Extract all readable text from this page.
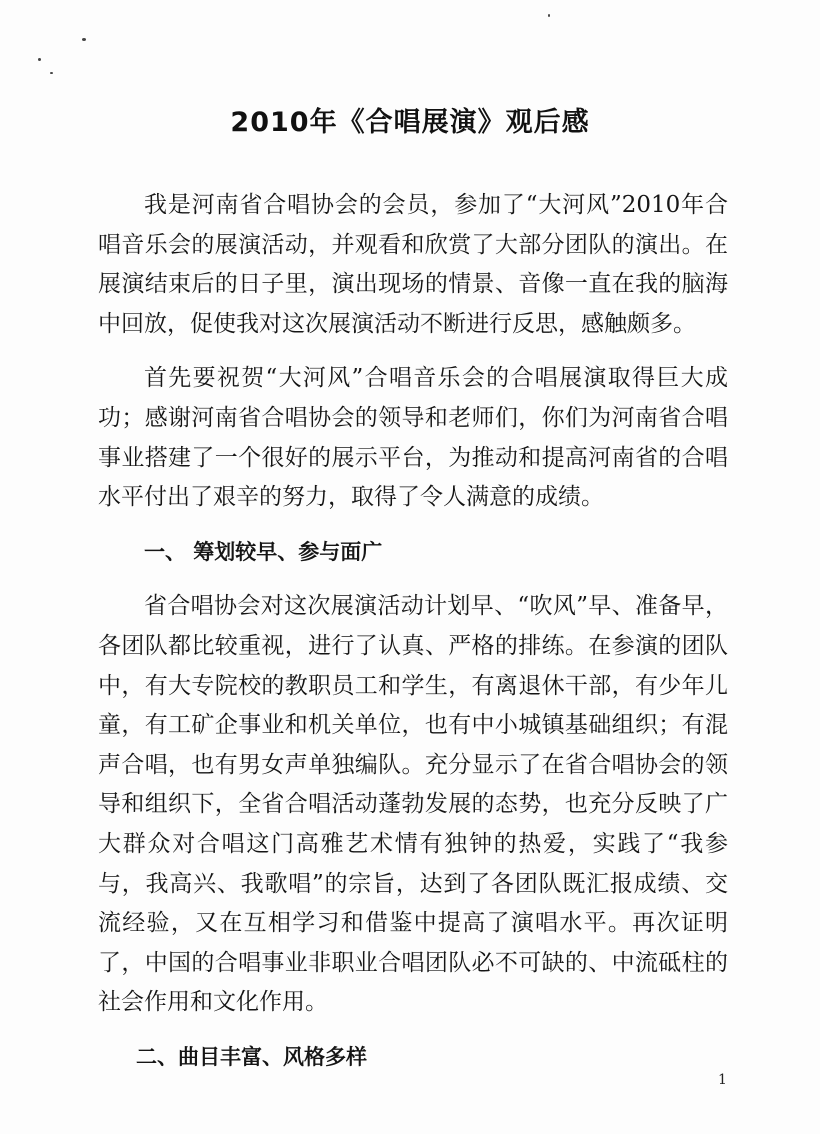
2010年《合唱展演》观后感

我是河南省合唱协会的会员，参加了“大河风”2010年合唱音乐会的展演活动，并观看和欣赏了大部分团队的演出。在展演结束后的日子里，演出现场的情景、音像一直在我的脑海中回放，促使我对这次展演活动不断进行反思，感触颇多。

首先要祝贺“大河风”合唱音乐会的合唱展演取得巨大成功；感谢河南省合唱协会的领导和老师们，你们为河南省合唱事业搭建了一个很好的展示平台，为推动和提高河南省的合唱水平付出了艰辛的努力，取得了令人满意的成绩。

一、 筹划较早、参与面广

省合唱协会对这次展演活动计划早、“吹风”早、准备早，各团队都比较重视，进行了认真、严格的排练。在参演的团队中，有大专院校的教职员工和学生，有离退休干部，有少年儿童，有工矿企事业和机关单位，也有中小城镇基础组织；有混声合唱，也有男女声单独编队。充分显示了在省合唱协会的领导和组织下，全省合唱活动蓬勃发展的态势，也充分反映了广大群众对合唱这门高雅艺术情有独钟的热爱，实践了“我参与，我高兴、我歌唱”的宗旨，达到了各团队既汇报成绩、交流经验，又在互相学习和借鉴中提高了演唱水平。再次证明了，中国的合唱事业非职业合唱团队必不可缺的、中流砥柱的社会作用和文化作用。

二、曲目丰富、风格多样

1
